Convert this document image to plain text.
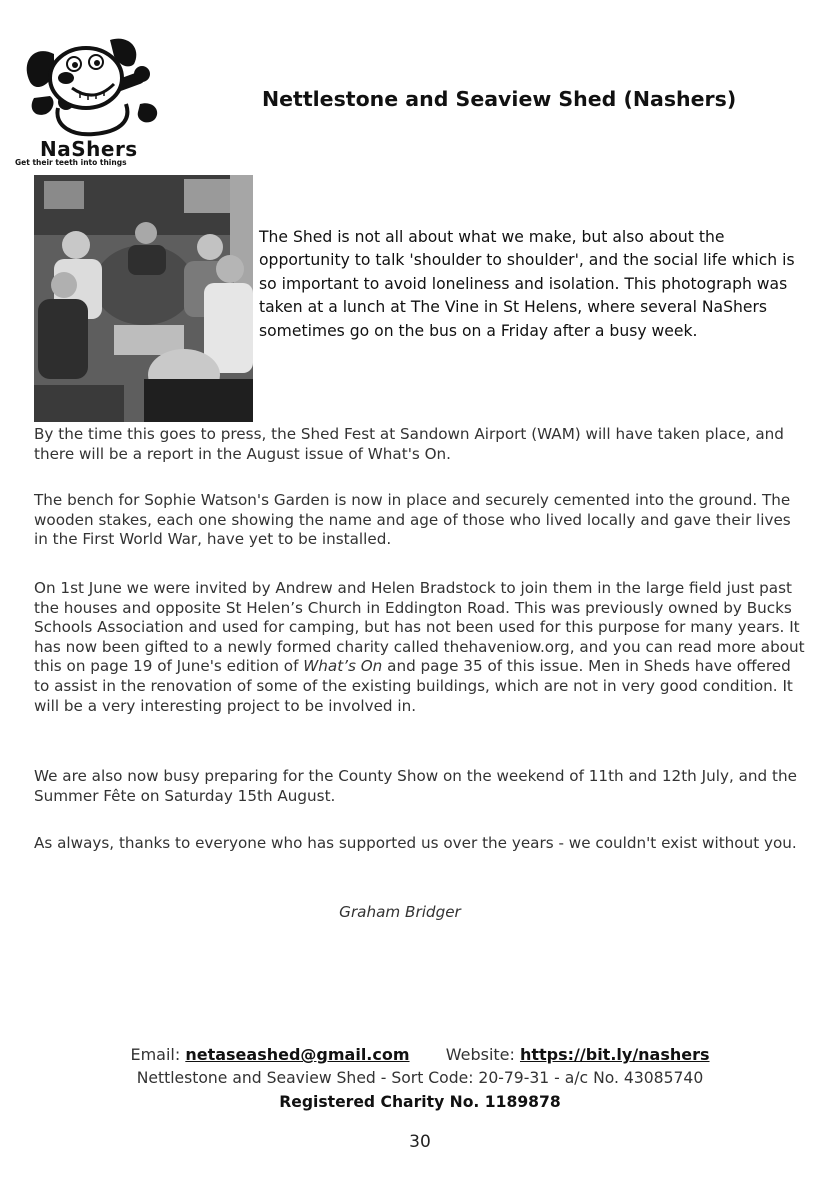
NaShers
Get their teeth into things
Nettlestone and Seaview Shed (Nashers)

The Shed is not all about what we make, but also about the opportunity to talk 'shoulder to shoulder', and the social life which is so important to avoid loneliness and isolation. This photograph was taken at a lunch at The Vine in St Helens, where several NaShers sometimes go on the bus on a Friday after a busy week.

By the time this goes to press, the Shed Fest at Sandown Airport (WAM) will have taken place, and there will be a report in the August issue of What's On.

The bench for Sophie Watson's Garden is now in place and securely cemented into the ground. The wooden stakes, each one showing the name and age of those who lived locally and gave their lives in the First World War, have yet to be installed.

On 1st June we were invited by Andrew and Helen Bradstock to join them in the large field just past the houses and opposite St Helen’s Church in Eddington Road. This was previously owned by Bucks Schools Association and used for camping, but has not been used for this purpose for many years. It has now been gifted to a newly formed charity called thehaveniow.org, and you can read more about this on page 19 of June's edition of What’s On and page 35 of this issue. Men in Sheds have offered to assist in the renovation of some of the existing buildings, which are not in very good condition. It will be a very interesting project to be involved in.

We are also now busy preparing for the County Show on the weekend of 11th and 12th July, and the Summer Fête on Saturday 15th August.

As always, thanks to everyone who has supported us over the years - we couldn't exist without you.

Graham Bridger

Email: netaseashed@gmail.com Website: https://bit.ly/nashers
Nettlestone and Seaview Shed - Sort Code: 20-79-31 - a/c No. 43085740
Registered Charity No. 1189878
30
